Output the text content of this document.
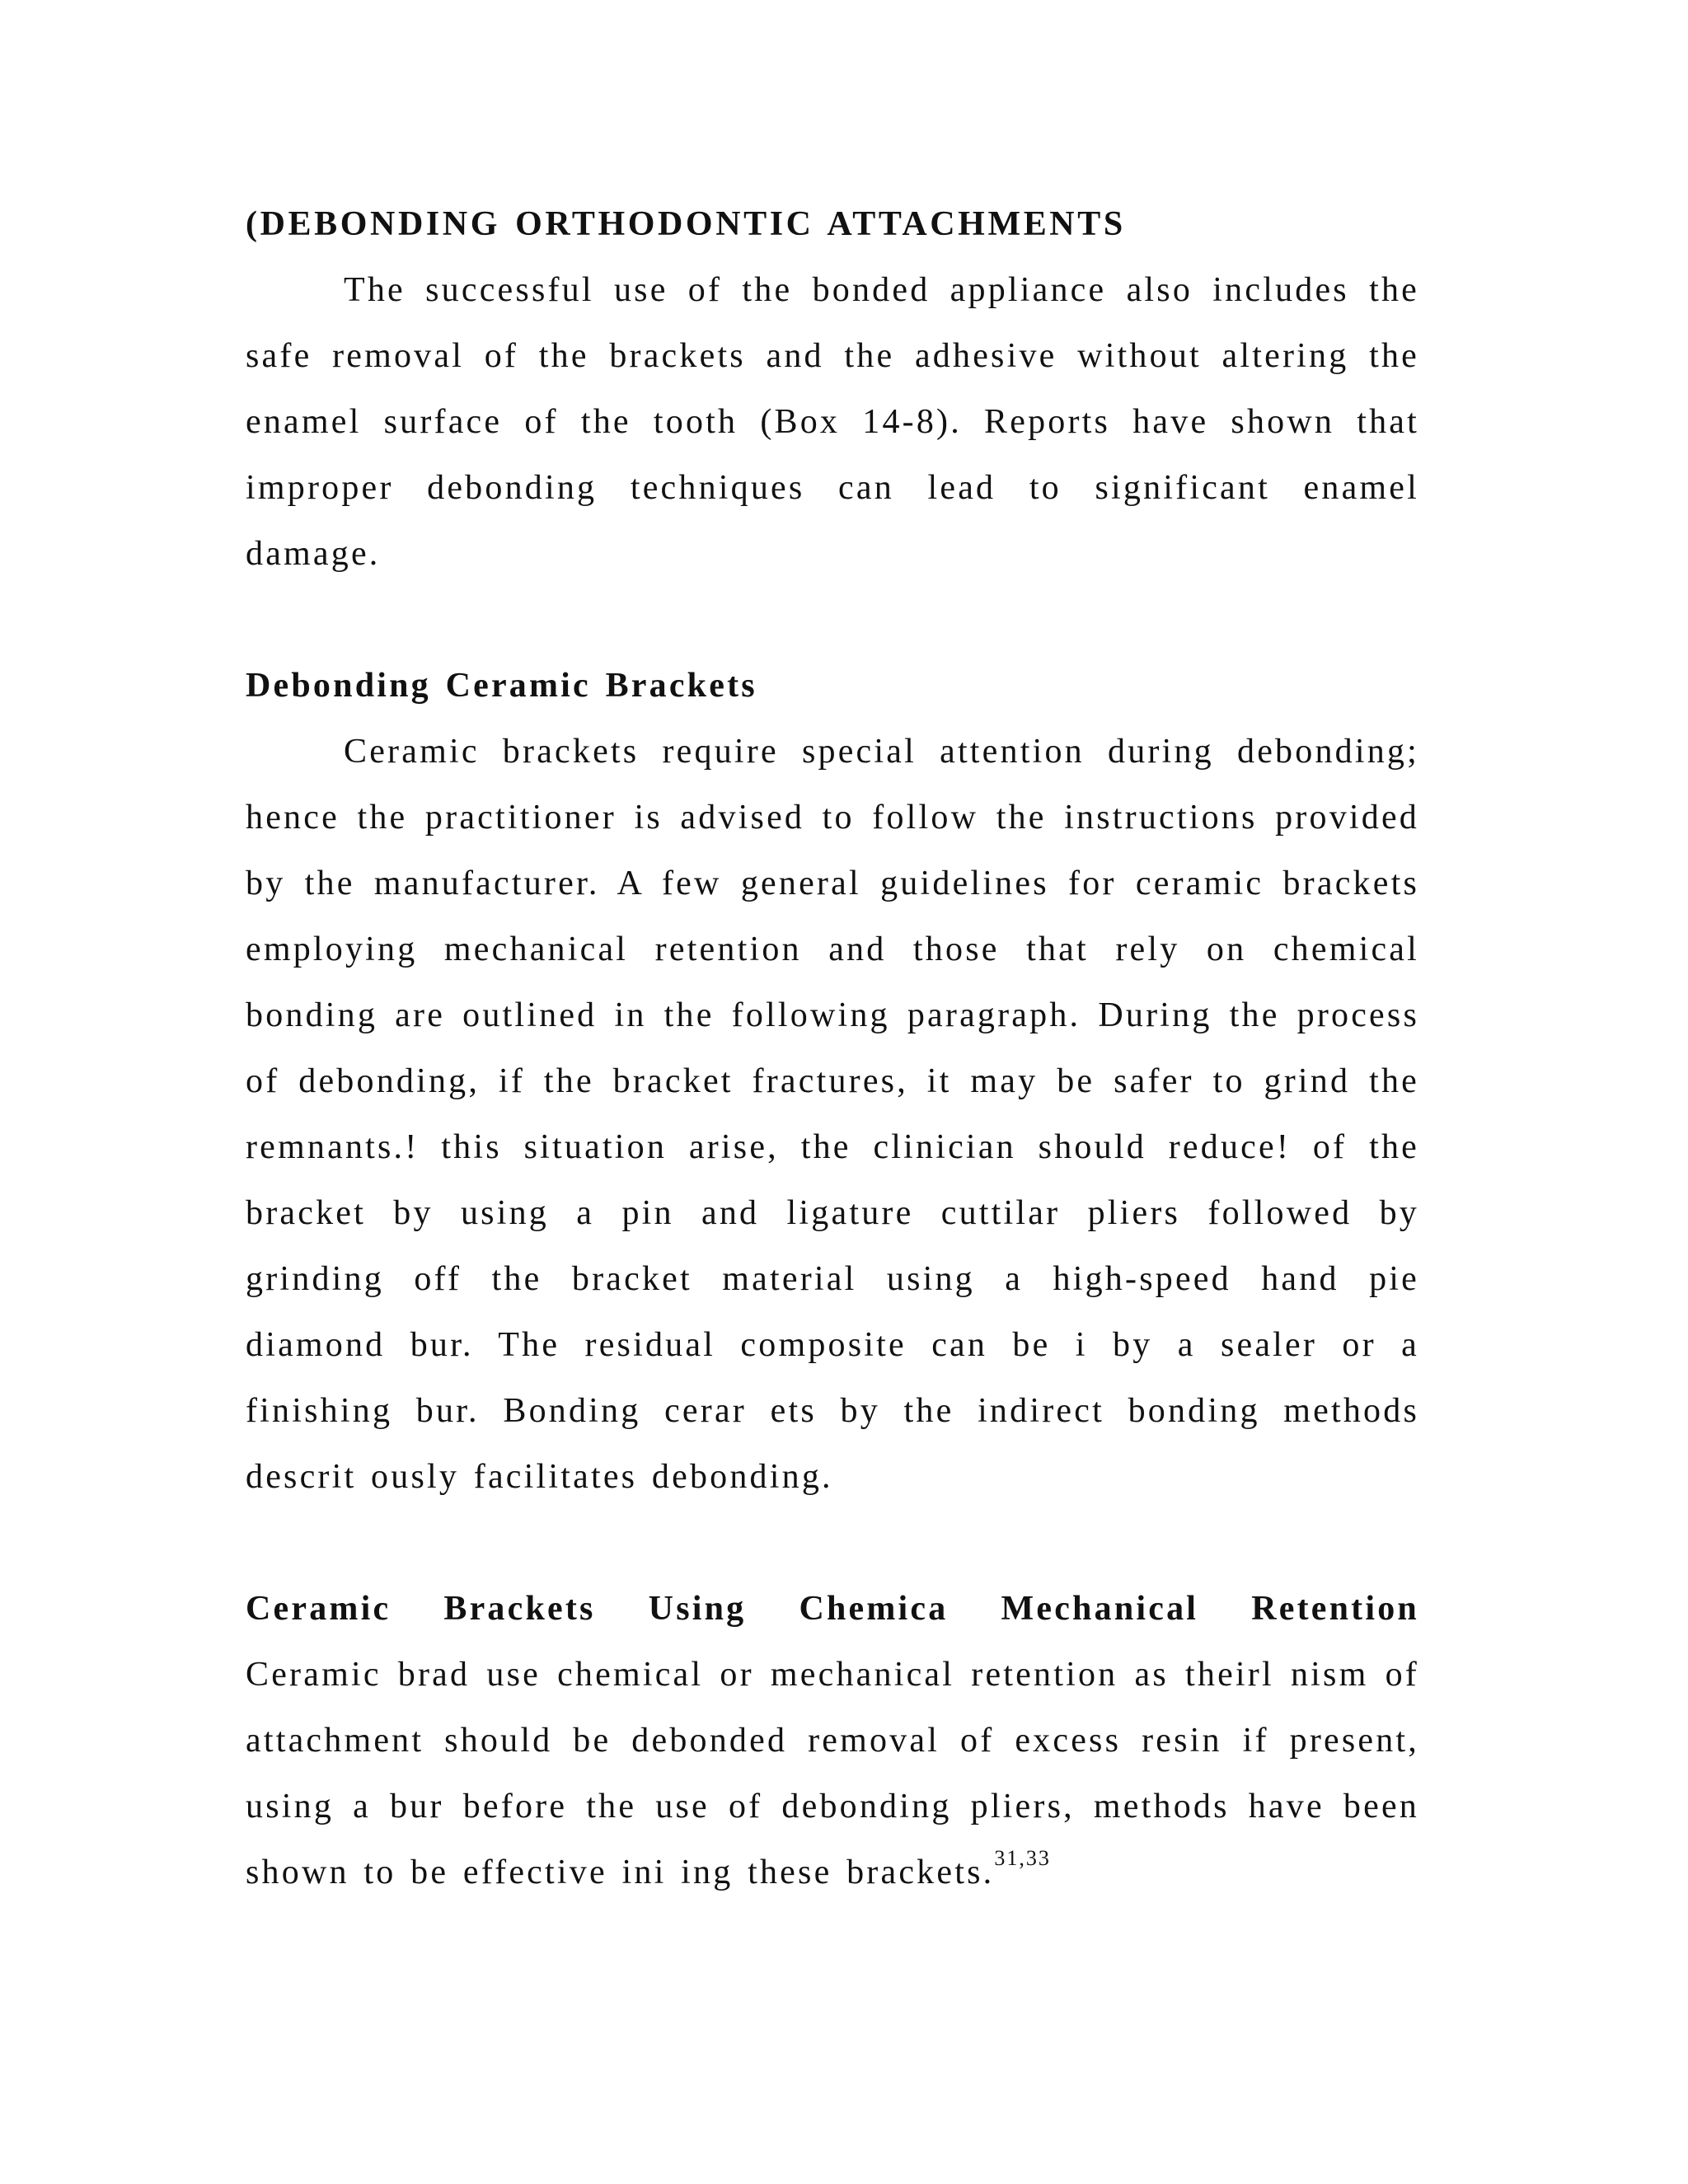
(DEBONDING ORTHODONTIC ATTACHMENTS

The successful use of the bonded appliance also includes the safe removal of the brackets and the adhesive without altering the enamel surface of the tooth (Box 14-8). Reports have shown that improper debonding techniques can lead to significant enamel damage.

Debonding Ceramic Brackets

Ceramic brackets require special attention during debonding; hence the practitioner is advised to follow the instructions provided by the manufacturer. A few general guidelines for ceramic brackets employing mechanical retention and those that rely on chemical bonding are outlined in the following paragraph. During the process of debonding, if the bracket fractures, it may be safer to grind the remnants.! this situation arise, the clinician should reduce! of the bracket by using a pin and ligature cuttilar pliers followed by grinding off the bracket material using a high-speed hand pie diamond bur. The residual composite can be i by a sealer or a finishing bur. Bonding cerar ets by the indirect bonding methods descrit ously facilitates debonding.

Ceramic Brackets Using Chemica Mechanical Retention

Ceramic brad use chemical or mechanical retention as theirl nism of attachment should be debonded removal of excess resin if present, using a bur before the use of debonding pliers, methods have been shown to be effective ini ing these brackets.$^{31,33}$
